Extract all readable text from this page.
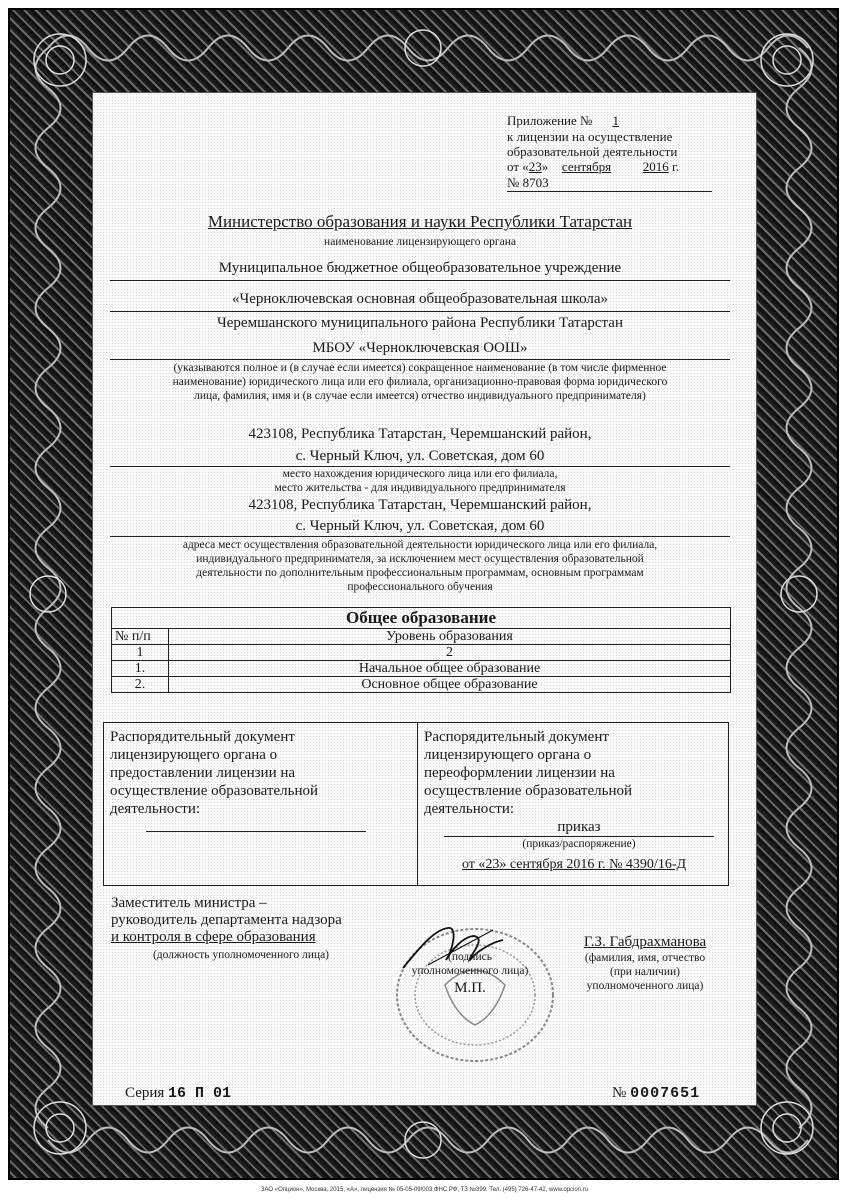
Приложение № 1
к лицензии на осуществление
образовательной деятельности
от «23» сентября 2016 г.
№ 8703
Министерство образования и науки Республики Татарстан
наименование лицензирующего органа
Муниципальное бюджетное общеобразовательное учреждение
«Черноключевская основная общеобразовательная школа»
Черемшанского муниципального района Республики Татарстан
МБОУ «Черноключевская ООШ»
(указываются полное и (в случае если имеется) сокращенное наименование (в том числе фирменное
наименование) юридического лица или его филиала, организационно-правовая форма юридического
лица, фамилия, имя и (в случае если имеется) отчество индивидуального предпринимателя)
423108, Республика Татарстан, Черемшанский район,
с. Черный Ключ, ул. Советская, дом 60
место нахождения юридического лица или его филиала,
место жительства - для индивидуального предпринимателя
423108, Республика Татарстан, Черемшанский район,
с. Черный Ключ, ул. Советская, дом 60
адреса мест осуществления образовательной деятельности юридического лица или его филиала,
индивидуального предпринимателя, за исключением мест осуществления образовательной
деятельности по дополнительным профессиональным программам, основным программам
профессионального обучения
Общее образование	
№ п/п	Уровень образования
1	2
1.	Начальное общее образование
2.	Основное общее образование
Распорядительный документ
лицензирующего органа о
предоставлении лицензии на
осуществление образовательной
деятельности:
Распорядительный документ
лицензирующего органа о
переоформлении лицензии на
осуществление образовательной
деятельности:
приказ
(приказ/распоряжение)
от «23» сентября 2016 г. № 4390/16-Д
Заместитель министра –
руководитель департамента надзора
и контроля в сфере образования
(должность уполномоченного лица)	(подпись
уполномоченного лица)
М.П.
Г.З. Габдрахманова
(фамилия, имя, отчество
(при наличии)
уполномоченного лица)
Серия 16 П 01	№ 0007651
ЗАО «Опцион», Москва, 2015, «А», лицензия № 05-05-09/003 ФНС РФ, ТЗ №399. Тел. (495) 726-47-42, www.opcion.ru
